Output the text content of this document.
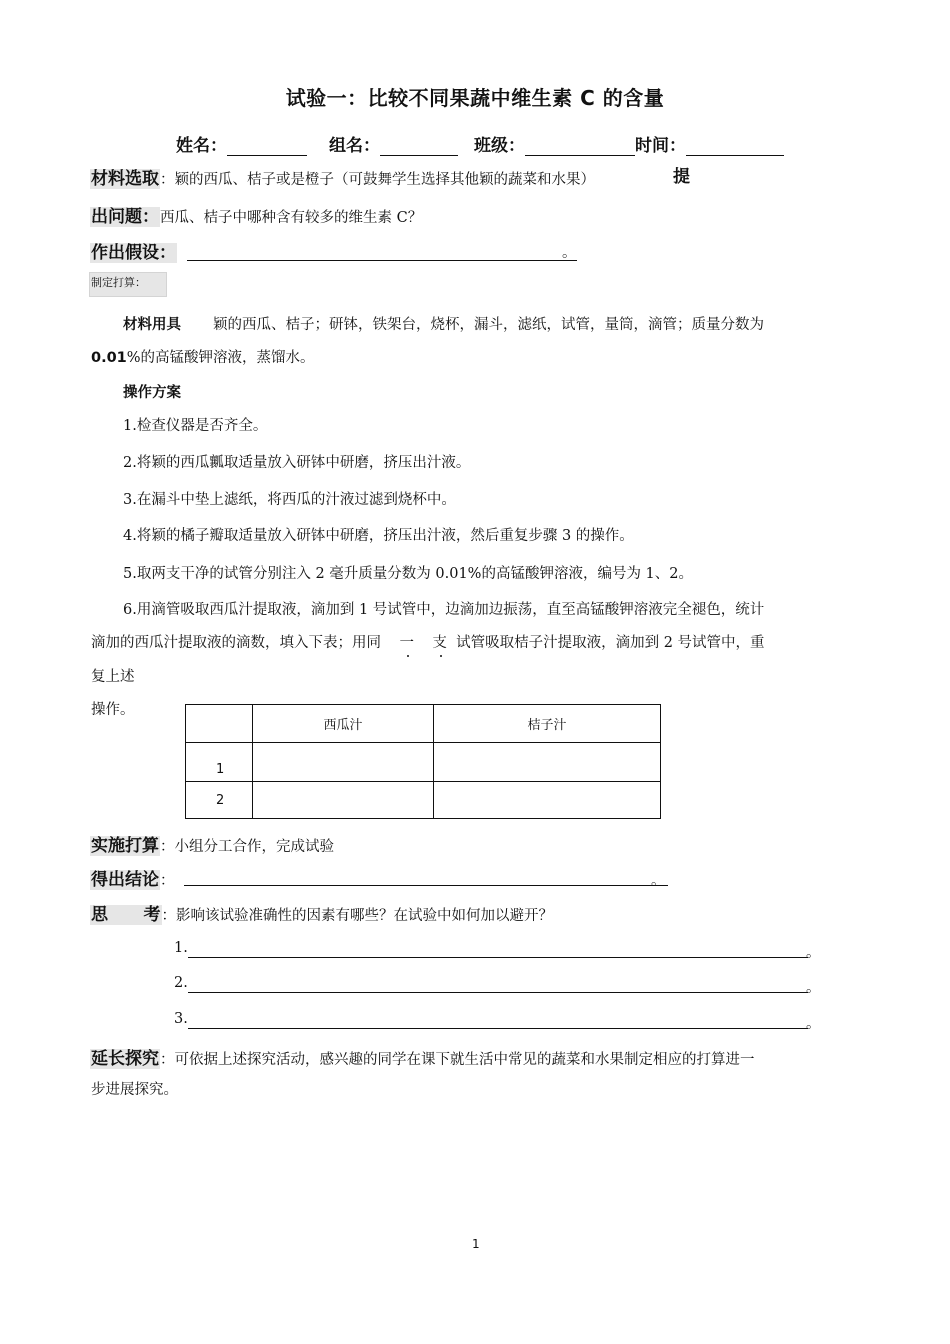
试验一：比较不同果蔬中维生素 C 的含量
姓名：	组名：	班级：	时间：
材料选取：颖的西瓜、桔子或是橙子（可鼓舞学生选择其他颖的蔬菜和水果）	提
出问题：西瓜、桔子中哪种含有较多的维生素 C？
作出假设：	。
制定打算：
材料用具 颖的西瓜、桔子；研钵，铁架台，烧杯，漏斗，滤纸，试管，量筒，滴管；质量分数为
0.01%的高锰酸钾溶液，蒸馏水。
操作方案
1.检查仪器是否齐全。
2.将颖的西瓜瓤取适量放入研钵中研磨，挤压出汁液。
3.在漏斗中垫上滤纸，将西瓜的汁液过滤到烧杯中。
4.将颖的橘子瓣取适量放入研钵中研磨，挤压出汁液，然后重复步骤 3 的操作。
5.取两支干净的试管分别注入 2 毫升质量分数为 0.01%的高锰酸钾溶液，编号为 1、2。
6.用滴管吸取西瓜汁提取液，滴加到 1 号试管中，边滴加边振荡，直至高锰酸钾溶液完全褪色，统计
滴加的西瓜汁提取液的滴数，填入下表；用同 一 支 试管吸取桔子汁提取液，滴加到 2 号试管中，重
复上述
操作。
	西瓜汁	桔子汁
1		
2		
实施打算：小组分工合作，完成试验
得出结论：	。
思      考：影响该试验准确性的因素有哪些？在试验中如何加以避开？
1.	。
2.	。
3.	。
延长探究：可依据上述探究活动，感兴趣的同学在课下就生活中常见的蔬菜和水果制定相应的打算进一
步进展探究。
1
